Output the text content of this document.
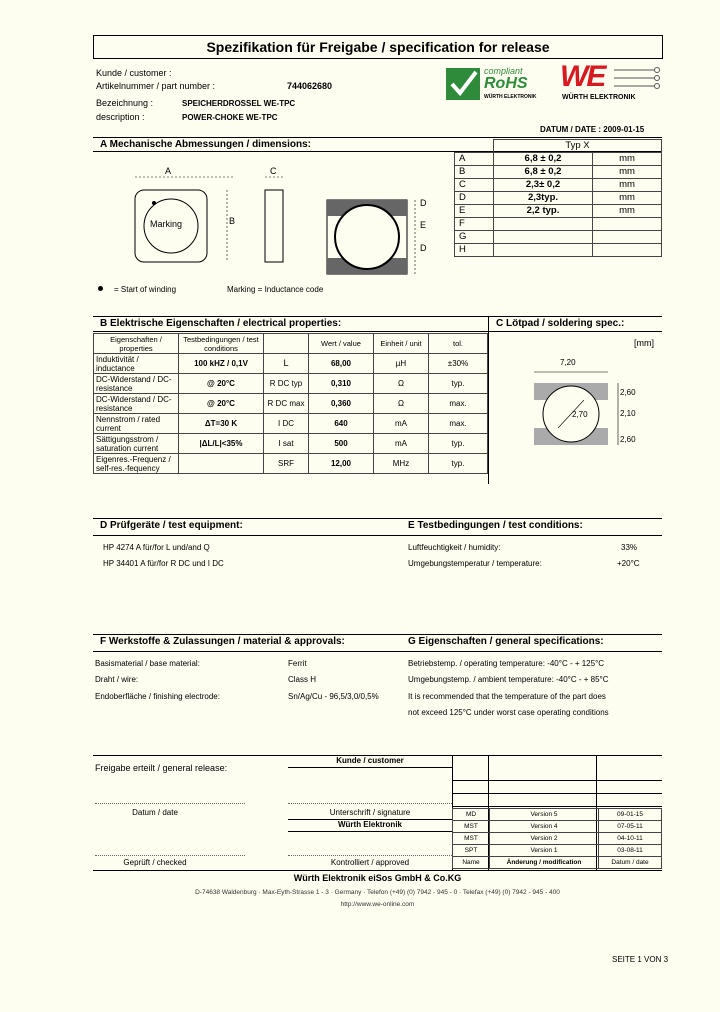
Spezifikation für Freigabe / specification for release
Kunde / customer :
Artikelnummer / part number :	744062680
Bezeichnung :	SPEICHERDROSSEL WE-TPC
description :	POWER-CHOKE WE-TPC
compliant
RoHS
WÜRTH ELEKTRONIK
WE
WÜRTH ELEKTRONIK
DATUM / DATE : 2009-01-15
A Mechanische Abmessungen / dimensions:
A
B
C
Marking
D
E
D
	Typ X	
A	6,8 ± 0,2	mm
B	6,8 ± 0,2	mm
C	2,3± 0,2	mm
D	2,3typ.	mm
E	2,2 typ.	mm
F		
G		
H		
= Start of winding	Marking = Inductance code
B Elektrische Eigenschaften / electrical properties:	C Lötpad / soldering spec.:
Eigenschaften / properties	Testbedingungen / test conditions		Wert / value	Einheit / unit	tol.
Induktivität / inductance	100 kHZ / 0,1V	L	68,00	µH	±30%
DC-Widerstand / DC-resistance	@ 20°C	R DC typ	0,310	Ω	typ.
DC-Widerstand / DC-resistance	@ 20°C	R DC max	0,360	Ω	max.
Nennstrom / rated current	ΔT=30 K	I DC	640	mA	max.
Sättigungsstrom / saturation current	|ΔL/L|<35%	I sat	500	mA	typ.
Eigenres.-Frequenz / self-res.-fequency		SRF	12,00	MHz	typ.
[mm]
7,20
2,60
2,10
2,60
2,70
D Prüfgeräte / test equipment:	E Testbedingungen / test conditions:
HP 4274 A für/for L und/and Q
HP 34401 A für/for R DC und I DC
Luftfeuchtigkeit / humidity:	33%
Umgebungstemperatur / temperature:	+20°C
F Werkstoffe & Zulassungen / material & approvals:	G Eigenschaften / general specifications:
Basismaterial / base material:	Ferrit
Draht / wire:	Class H
Endoberfläche / finishing electrode:	Sn/Ag/Cu - 96,5/3,0/0,5%
Betriebstemp. / operating temperature: -40°C - + 125°C
Umgebungstemp. / ambient temperature: -40°C - + 85°C
It is recommended that the temperature of the part does
not exceed 125°C under worst case operating conditions
Freigabe erteilt / general release:
Kunde / customer
Datum / date	Unterschrift / signature
Würth Elektronik
Geprüft / checked	Kontrolliert / approved
MD	Version 5	09-01-15
MST	Version 4	07-05-11
MST	Version 2	04-10-11
SPT	Version 1	03-08-11
Name	Änderung / modification	Datum / date
Würth Elektronik eiSos GmbH & Co.KG
D-74638 Waldenburg · Max-Eyth-Strasse 1 - 3 · Germany · Telefon (+49) (0) 7942 - 945 - 0 · Telefax (+49) (0) 7942 - 945 - 400
http://www.we-online.com
SEITE 1 VON 3
